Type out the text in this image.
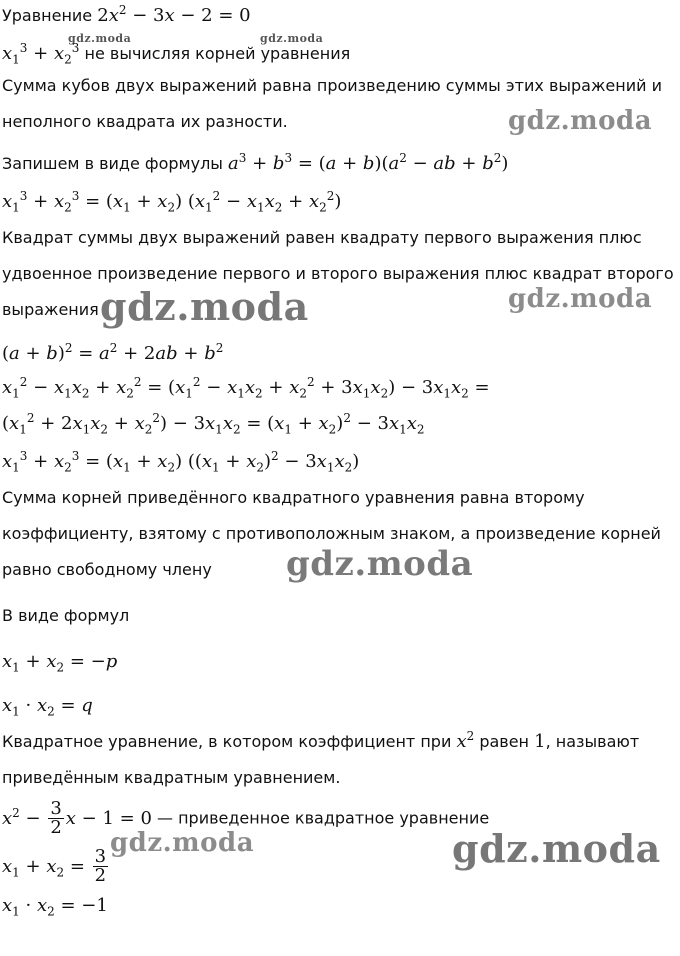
Уравнение $2x^2 - 3x - 2 = 0$
gdz.moda	gdz.moda
$x_1^3 + x_2^3$ не вычисляя корней уравнения
Сумма кубов двух выражений равна произведению суммы этих выражений и
неполного квадрата их разности.	gdz.moda
Запишем в виде формулы $a^3 + b^3 = (a + b)(a^2$ − ab + $b^2$)
$x_1^3 + x_2^3 = (x_1 + x_2) (x_1^2 - x_1x_2 + x_2^2)$
Квадрат суммы двух выражений равен квадрату первого выражения плюс
удвоенное произведение первого и второго выражения плюс квадрат второго
выражения gdz.moda	gdz.moda
$(a + b)^2 = a^2 + 2ab + b^2$
$x_1^2 - x_1x_2 + x_2^2 = (x_1^2 - x_1x_2 + x_2^2 + 3x_1x_2) - 3x_1x_2$ =
$(x_1^2 + 2x_1x_2 + x_2^2) - 3x_1x_2 = (x_1 + x_2)^2 - 3x_1x_2$
$x_1^3 + x_2^3 = (x_1 + x_2) ((x_1 + x_2)^2 - 3x_1x_2)$
Сумма корней приведённого квадратного уравнения равна второму
коэффициенту, взятому с противоположным знаком, а произведение корней
равно свободному члену	gdz.moda
В виде формул
$x_1 + x_2 = -p$
$x_1 \cdot x_2 = q$
Квадратное уравнение, в котором коэффициент при $x^2$ равен 1, называют
приведённым квадратным уравнением.
$x^2 - \frac{3}{2}$ x − 1 = 0 — приведенное квадратное уравнение
$x_1 + x_2 = \frac{3}{2}$
gdz.moda	gdz.moda
$x_1 \cdot x_2 = -1$
